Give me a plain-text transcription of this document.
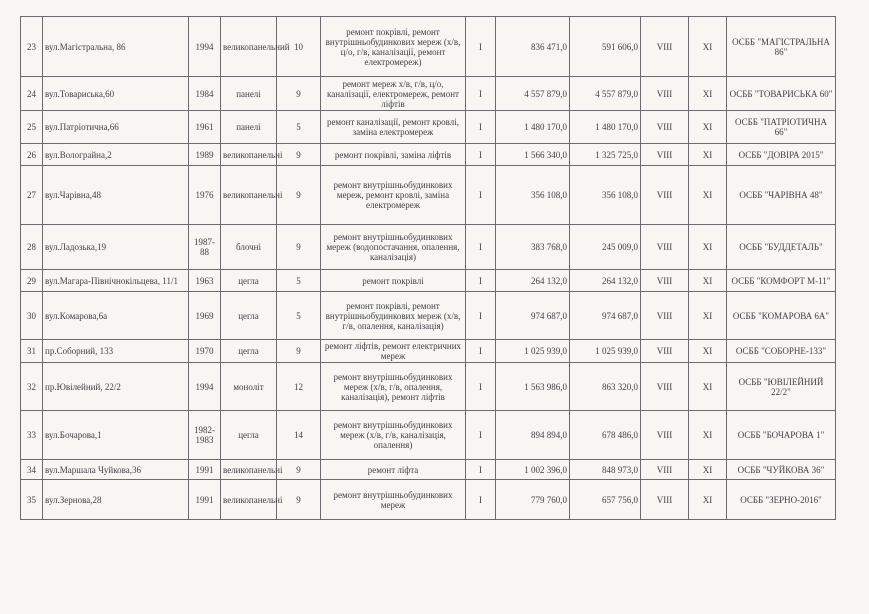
23	вул.Магістральна, 86	1994	великопанельний	10	ремонт покрівлі, ремонт внутрішньобудинкових мереж (х/в, ц/о, г/в, каналізації, ремонт електромереж)	І	836 471,0	591 606,0	VIII	XI	ОСББ "МАГІСТРАЛЬНА 86"
24	вул.Товариська,60	1984	панелі	9	ремонт мереж х/в, г/в, ц/о, каналізації, електромереж, ремонт ліфтів	І	4 557 879,0	4 557 879,0	VIII	XI	ОСББ "ТОВАРИСЬКА 60"
25	вул.Патріотична,66	1961	панелі	5	ремонт каналізації, ремонт кровлі, заміна електромереж	І	1 480 170,0	1 480 170,0	VIII	XI	ОСББ "ПАТРІОТИЧНА 66"
26	вул.Волограйна,2	1989	великопанельні	9	ремонт покрівлі, заміна ліфтів	І	1 566 340,0	1 325 725,0	VIII	XI	ОСББ "ДОВІРА 2015"
27	вул.Чарівна,48	1976	великопанельні	9	ремонт внутрішньобудинкових мереж, ремонт кровлі, заміна електромереж	І	356 108,0	356 108,0	VIII	XI	ОСББ "ЧАРІВНА 48"
28	вул.Ладозька,19	1987-88	блочні	9	ремонт внутрішньобудинкових мереж (водопостачання, опалення, каналізація)	І	383 768,0	245 009,0	VIII	XI	ОСББ "БУДДЕТАЛЬ"
29	вул.Магара-Північнокільцева, 11/1	1963	цегла	5	ремонт покрівлі	І	264 132,0	264 132,0	VIII	XI	ОСББ "КОМФОРТ М-11"
30	вул.Комарова,6а	1969	цегла	5	ремонт покрівлі, ремонт внутрішньобудинкових мереж (х/в, г/в, опалення, каналізація)	І	974 687,0	974 687,0	VIII	XI	ОСББ "КОМАРОВА 6А"
31	пр.Соборний, 133	1970	цегла	9	ремонт ліфтів, ремонт електричних мереж	І	1 025 939,0	1 025 939,0	VIII	XI	ОСББ "СОБОРНЕ-133"
32	пр.Ювілейний, 22/2	1994	моноліт	12	ремонт внутрішньобудинкових мереж (х/в, г/в, опалення, каналізація), ремонт ліфтів	І	1 563 986,0	863 320,0	VIII	XI	ОСББ "ЮВІЛЕЙНИЙ 22/2"
33	вул.Бочарова,1	1982-1983	цегла	14	ремонт внутрішньобудинкових мереж (х/в, г/в, каналізація, опалення)	І	894 894,0	678 486,0	VIII	XI	ОСББ "БОЧАРОВА 1"
34	вул.Маршала Чуйкова,36	1991	великопанельні	9	ремонт ліфта	І	1 002 396,0	848 973,0	VIII	XI	ОСББ "ЧУЙКОВА 36"
35	вул.Зернова,28	1991	великопанельні	9	ремонт внутрішньобудинкових мереж	І	779 760,0	657 756,0	VIII	XI	ОСББ "ЗЕРНО-2016"
